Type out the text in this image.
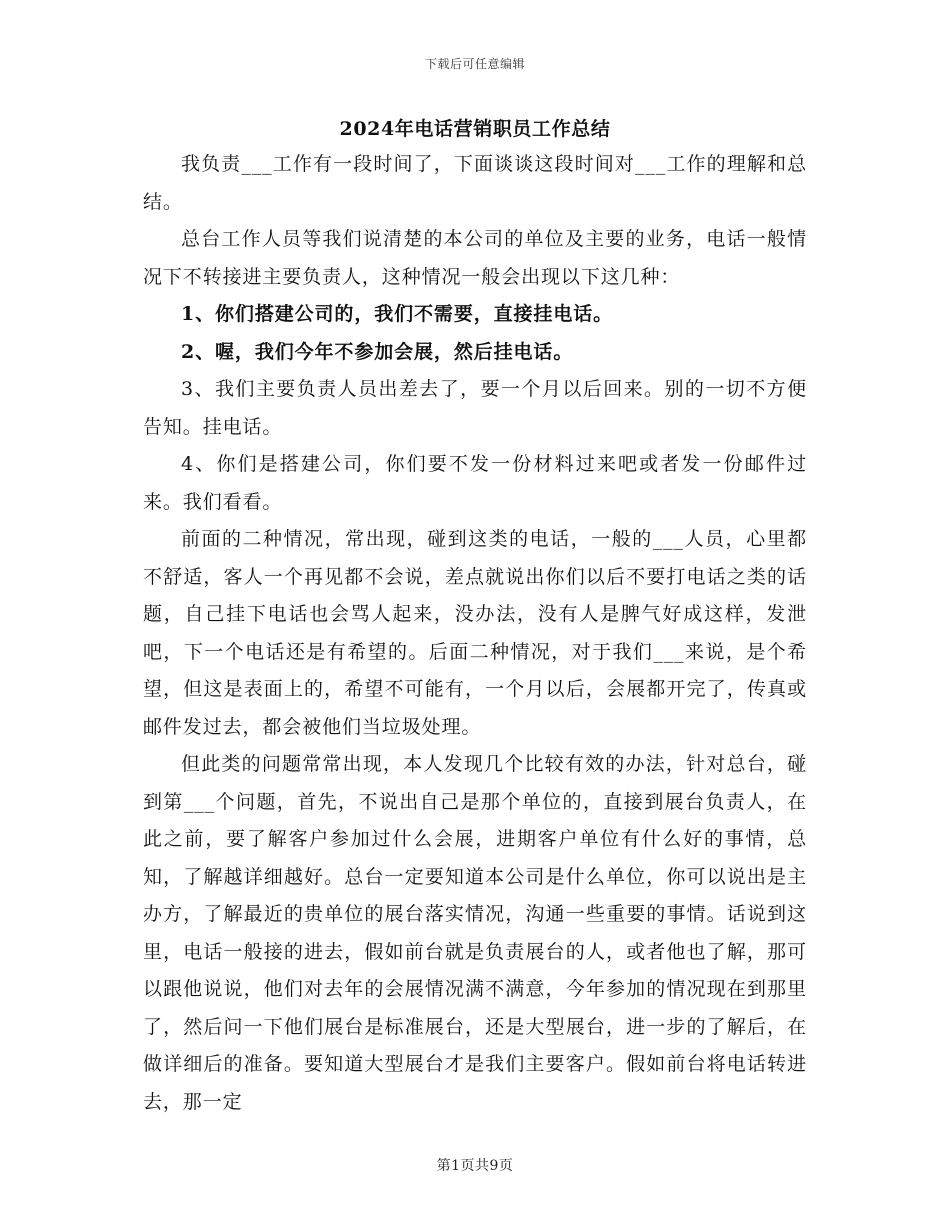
下载后可任意编辑
2024年电话营销职员工作总结

我负责___工作有一段时间了，下面谈谈这段时间对___工作的理解和总结。

总台工作人员等我们说清楚的本公司的单位及主要的业务，电话一般情况下不转接进主要负责人，这种情况一般会出现以下这几种：

1、你们搭建公司的，我们不需要，直接挂电话。

2、喔，我们今年不参加会展，然后挂电话。

3、我们主要负责人员出差去了，要一个月以后回来。别的一切不方便告知。挂电话。

4、你们是搭建公司，你们要不发一份材料过来吧或者发一份邮件过来。我们看看。

前面的二种情况，常出现，碰到这类的电话，一般的___人员，心里都不舒适，客人一个再见都不会说，差点就说出你们以后不要打电话之类的话题，自己挂下电话也会骂人起来，没办法，没有人是脾气好成这样，发泄吧，下一个电话还是有希望的。后面二种情况，对于我们___来说，是个希望，但这是表面上的，希望不可能有，一个月以后，会展都开完了，传真或邮件发过去，都会被他们当垃圾处理。

但此类的问题常常出现，本人发现几个比较有效的办法，针对总台，碰到第___个问题，首先，不说出自己是那个单位的，直接到展台负责人，在此之前，要了解客户参加过什么会展，进期客户单位有什么好的事情，总知，了解越详细越好。总台一定要知道本公司是什么单位，你可以说出是主办方，了解最近的贵单位的展台落实情况，沟通一些重要的事情。话说到这里，电话一般接的进去，假如前台就是负责展台的人，或者他也了解，那可以跟他说说，他们对去年的会展情况满不满意，今年参加的情况现在到那里了，然后问一下他们展台是标准展台，还是大型展台，进一步的了解后，在做详细后的准备。要知道大型展台才是我们主要客户。假如前台将电话转进去，那一定

第1页共9页
